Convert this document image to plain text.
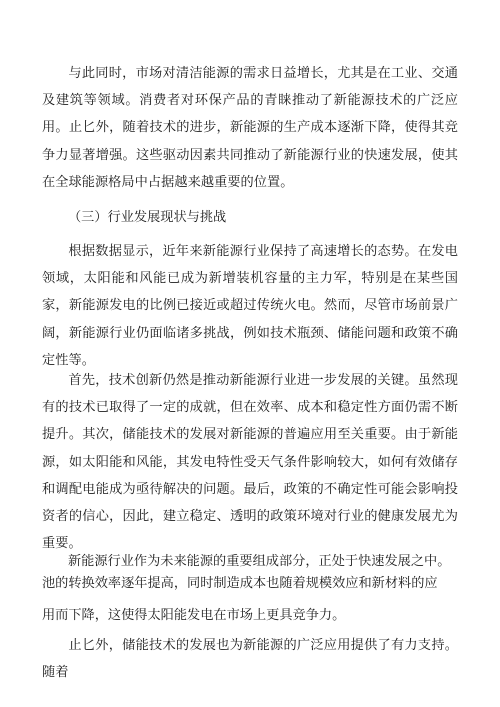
与此同时，市场对清洁能源的需求日益增长，尤其是在工业、交通及建筑等领域。消费者对环保产品的青睐推动了新能源技术的广泛应用。止匕外，随着技术的进步，新能源的生产成本逐渐下降，使得其竞争力显著增强。这些驱动因素共同推动了新能源行业的快速发展，使其在全球能源格局中占据越来越重要的位置。

（三）行业发展现状与挑战

根据数据显示，近年来新能源行业保持了高速增长的态势。在发电领域，太阳能和风能已成为新增装机容量的主力军，特别是在某些国家，新能源发电的比例已接近或超过传统火电。然而，尽管市场前景广阔，新能源行业仍面临诸多挑战，例如技术瓶颈、储能问题和政策不确定性等。

首先，技术创新仍然是推动新能源行业进一步发展的关键。虽然现有的技术已取得了一定的成就，但在效率、成本和稳定性方面仍需不断提升。其次，储能技术的发展对新能源的普遍应用至关重要。由于新能源，如太阳能和风能，其发电特性受天气条件影响较大，如何有效储存和调配电能成为亟待解决的问题。最后，政策的不确定性可能会影响投资者的信心，因此，建立稳定、透明的政策环境对行业的健康发展尤为重要。

新能源行业作为未来能源的重要组成部分，正处于快速发展之中。
池的转换效率逐年提高，同时制造成本也随着规模效应和新材料的应
用而下降，这使得太阳能发电在市场上更具竞争力。

止匕外，储能技术的发展也为新能源的广泛应用提供了有力支持。随着
